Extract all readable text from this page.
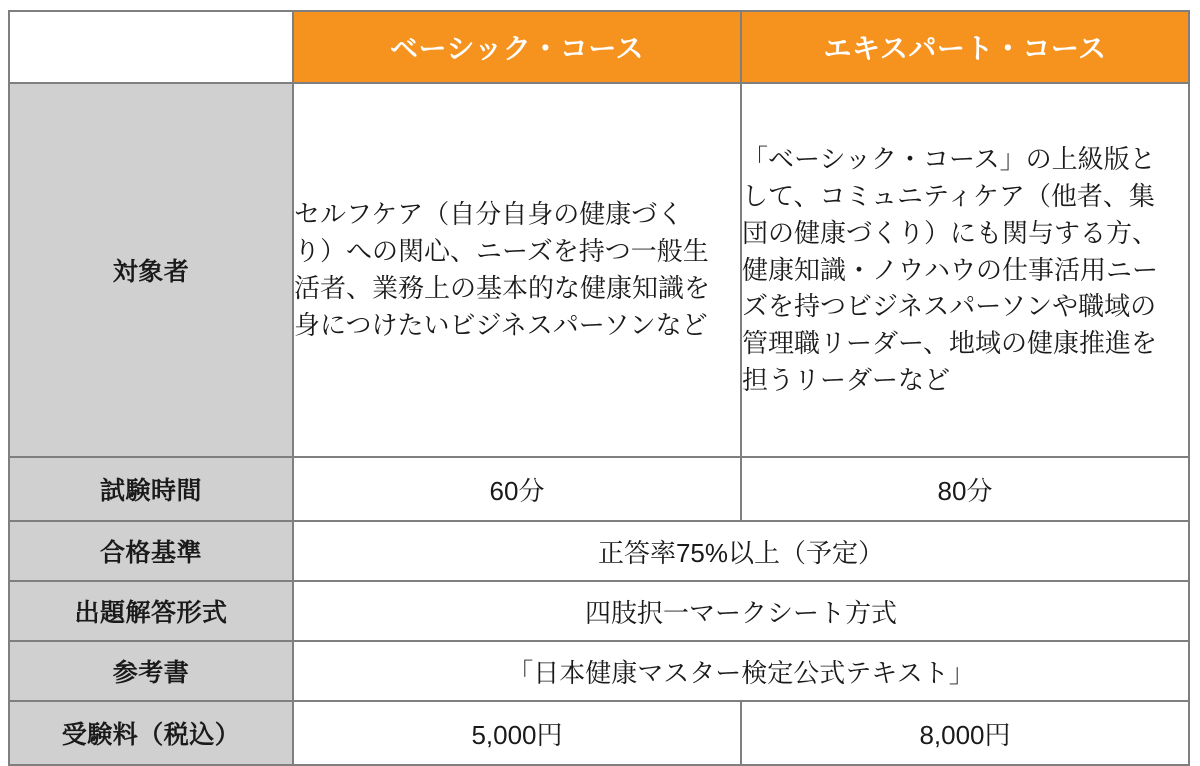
	ベーシック・コース	エキスパート・コース
対象者	セルフケア（自分自身の健康づくり）への関心、ニーズを持つ一般生活者、業務上の基本的な健康知識を身につけたいビジネスパーソンなど	「ベーシック・コース」の上級版として、コミュニティケア（他者、集団の健康づくり）にも関与する方、健康知識・ノウハウの仕事活用ニーズを持つビジネスパーソンや職域の管理職リーダー、地域の健康推進を担うリーダーなど
試験時間	60分	80分
合格基準	正答率75%以上（予定）	
出題解答形式	四肢択一マークシート方式	
参考書	「日本健康マスター検定公式テキスト」	
受験料（税込）	5,000円	8,000円
